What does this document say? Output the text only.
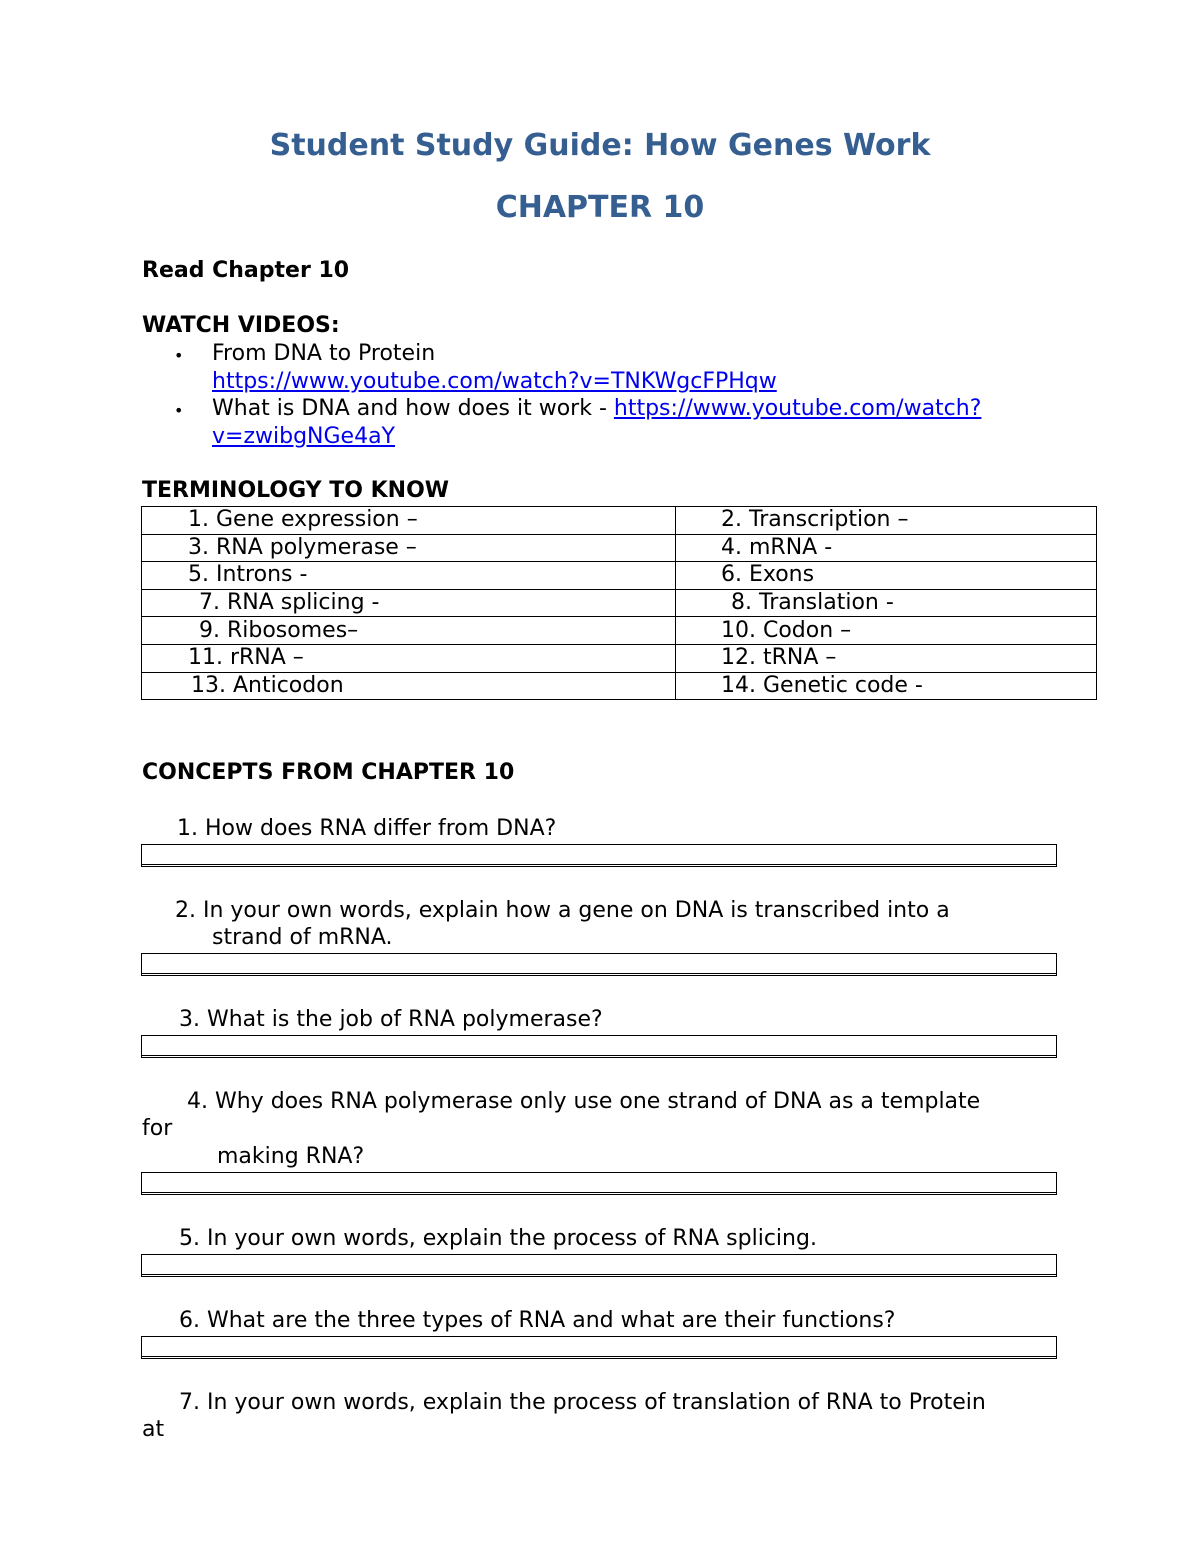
Student Study Guide: How Genes Work
CHAPTER 10
Read Chapter 10
WATCH VIDEOS:
• From DNA to Protein
https://www.youtube.com/watch?v=TNKWgcFPHqw
• What is DNA and how does it work - https://www.youtube.com/watch?
v=zwibgNGe4aY
TERMINOLOGY TO KNOW
1. Gene expression –	2. Transcription –
3. RNA polymerase –	4. mRNA -
5. Introns -	6. Exons
7. RNA splicing -	8. Translation -
9. Ribosomes–	10. Codon –
11. rRNA –	12. tRNA –
13. Anticodon	14. Genetic code -
CONCEPTS FROM CHAPTER 10
1. How does RNA differ from DNA?
2. In your own words, explain how a gene on DNA is transcribed into a
strand of mRNA.
3. What is the job of RNA polymerase?
4. Why does RNA polymerase only use one strand of DNA as a template
for
making RNA?
5. In your own words, explain the process of RNA splicing.
6. What are the three types of RNA and what are their functions?
7. In your own words, explain the process of translation of RNA to Protein
at
